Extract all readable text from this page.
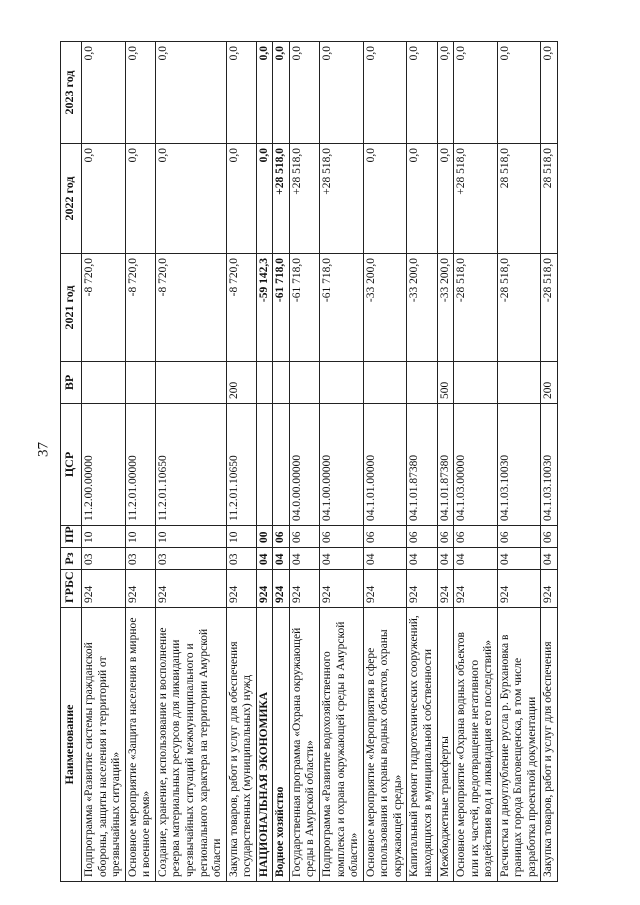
37
Наименование	ГРБС	Рз	ПР	ЦСР	ВР	2021 год	2022 год	2023 год
Подпрограмма «Развитие системы гражданской обороны, защиты населения и территорий от чрезвычайных ситуаций»	924	03	10	11.2.00.00000		-8 720,0	0,0	0,0
Основное мероприятие «Защита населения в мирное и военное время»	924	03	10	11.2.01.00000		-8 720,0	0,0	0,0
Создание, хранение, использование и восполнение резерва материальных ресурсов для ликвидации чрезвычайных ситуаций межмуниципального и регионального характера на территории Амурской области	924	03	10	11.2.01.10650		-8 720,0	0,0	0,0
Закупка товаров, работ и услуг для обеспечения государственных (муниципальных) нужд	924	03	10	11.2.01.10650	200	-8 720,0	0,0	0,0
НАЦИОНАЛЬНАЯ ЭКОНОМИКА	924	04	00			-59 142,3	0,0	0,0
Водное хозяйство	924	04	06			-61 718,0	+28 518,0	0,0
Государственная программа «Охрана окружающей среды в Амурской области»	924	04	06	04.0.00.00000		-61 718,0	+28 518,0	0,0
Подпрограмма «Развитие водохозяйственного комплекса и охрана окружающей среды в Амурской области»	924	04	06	04.1.00.00000		-61 718,0	+28 518,0	0,0
Основное мероприятие «Мероприятия в сфере использования и охраны водных объектов, охраны окружающей среды»	924	04	06	04.1.01.00000		-33 200,0	0,0	0,0
Капитальный ремонт гидротехнических сооружений, находящихся в муниципальной собственности	924	04	06	04.1.01.87380		-33 200,0	0,0	0,0
Межбюджетные трансферты	924	04	06	04.1.01.87380	500	-33 200,0	0,0	0,0
Основное мероприятие «Охрана водных объектов или их частей, предотвращение негативного воздействия вод и ликвидация его последствий»	924	04	06	04.1.03.00000		-28 518,0	+28 518,0	0,0
Расчистка и дноуглубление русла р. Бурхановка в границах города Благовещенска, в том числе разработка проектной документации	924	04	06	04.1.03.10030		-28 518,0	28 518,0	0,0
Закупка товаров, работ и услуг для обеспечения	924	04	06	04.1.03.10030	200	-28 518,0	28 518,0	0,0
